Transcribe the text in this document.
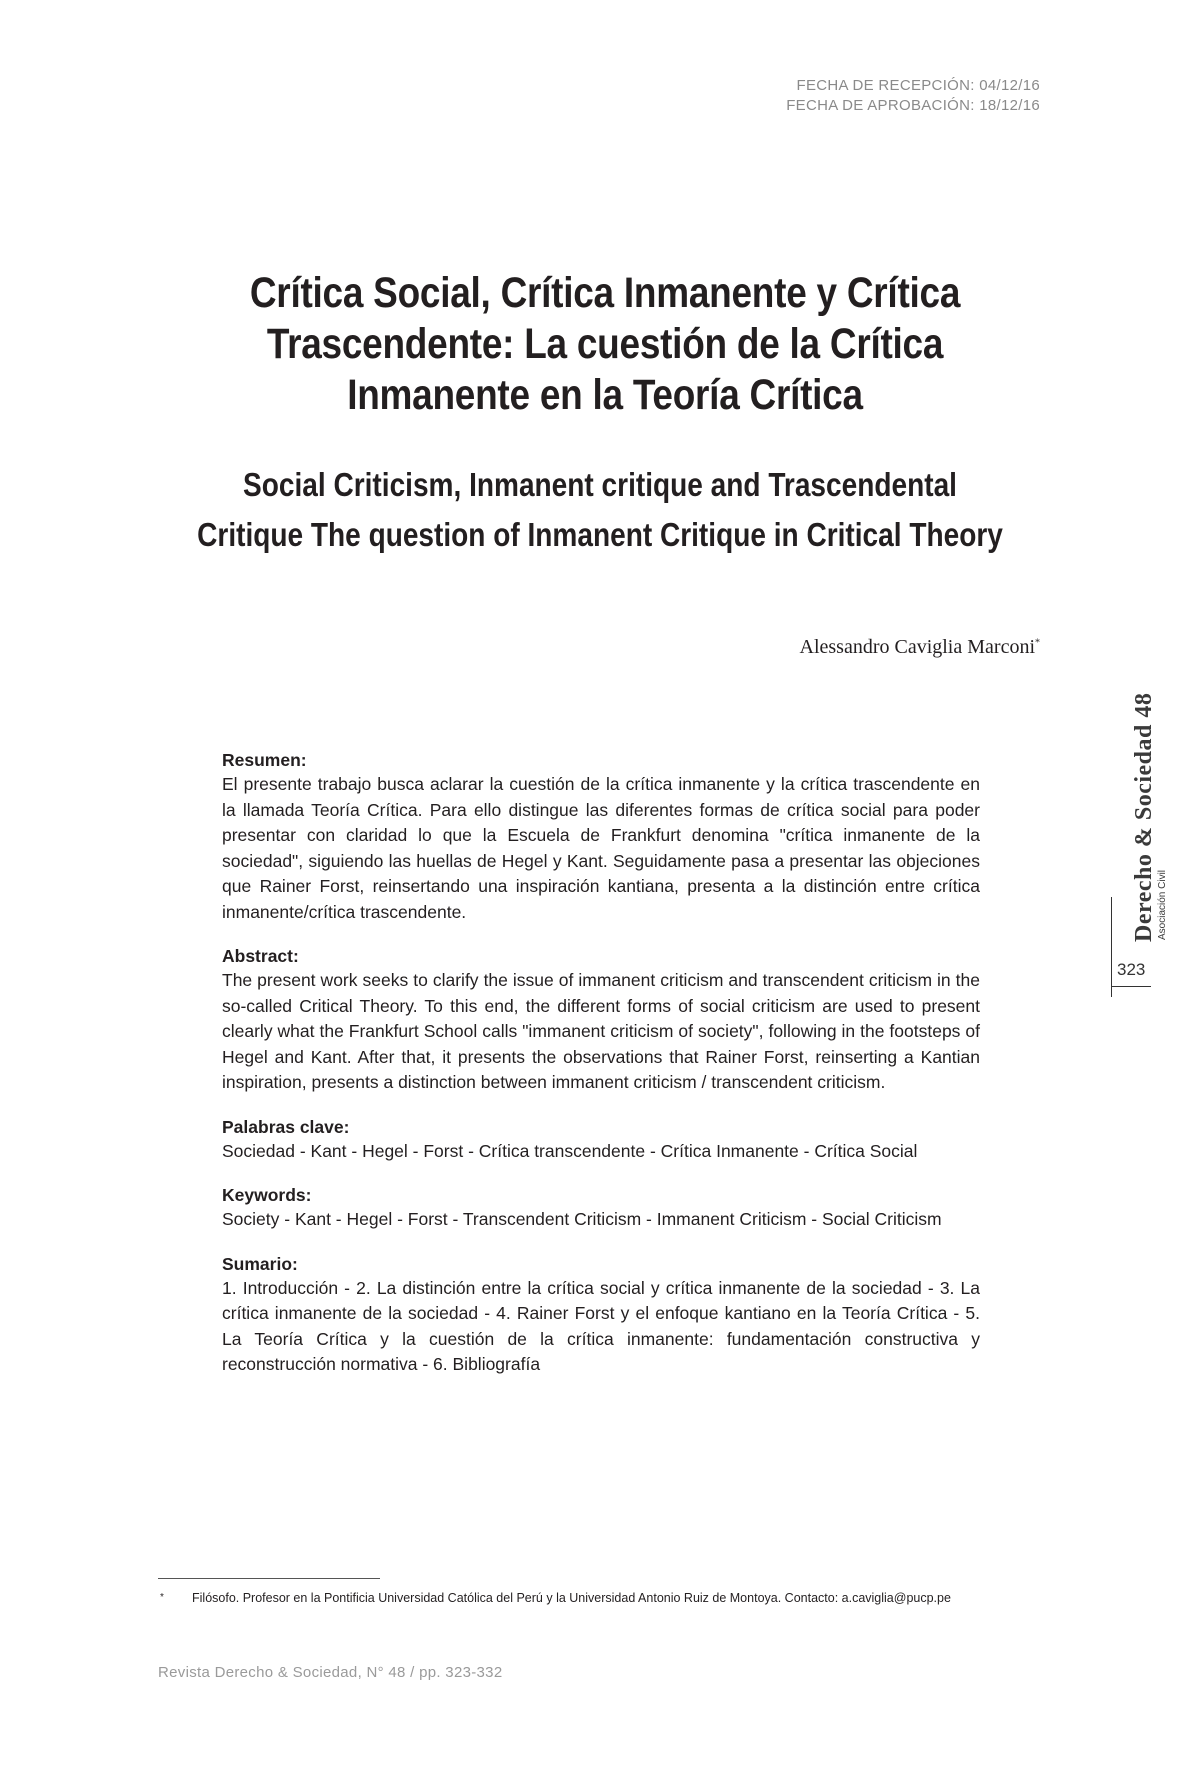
FECHA DE RECEPCIÓN: 04/12/16
FECHA DE APROBACIÓN: 18/12/16
Crítica Social, Crítica Inmanente y Crítica Trascendente: La cuestión de la Crítica Inmanente en la Teoría Crítica
Social Criticism, Inmanent critique and Trascendental Critique The question of Inmanent Critique in Critical Theory
Alessandro Caviglia Marconi*
Derecho & Sociedad 48 Asociación Civil
323
Resumen:

El presente trabajo busca aclarar la cuestión de la crítica inmanente y la crítica trascendente en la llamada Teoría Crítica. Para ello distingue las diferentes formas de crítica social para poder presentar con claridad lo que la Escuela de Frankfurt denomina "crítica inmanente de la sociedad", siguiendo las huellas de Hegel y Kant. Seguidamente pasa a presentar las objeciones que Rainer Forst, reinsertando una inspiración kantiana, presenta a la distinción entre crítica inmanente/crítica trascendente.

Abstract:

The present work seeks to clarify the issue of immanent criticism and transcendent criticism in the so-called Critical Theory. To this end, the different forms of social criticism are used to present clearly what the Frankfurt School calls "immanent criticism of society", following in the footsteps of Hegel and Kant. After that, it presents the observations that Rainer Forst, reinserting a Kantian inspiration, presents a distinction between immanent criticism / transcendent criticism.

Palabras clave:

Sociedad - Kant - Hegel - Forst - Crítica transcendente - Crítica Inmanente - Crítica Social

Keywords:

Society - Kant - Hegel - Forst - Transcendent Criticism - Immanent Criticism - Social Criticism

Sumario:

1. Introducción - 2. La distinción entre la crítica social y crítica inmanente de la sociedad - 3. La crítica inmanente de la sociedad - 4. Rainer Forst y el enfoque kantiano en la Teoría Crítica - 5. La Teoría Crítica y la cuestión de la crítica inmanente: fundamentación constructiva y reconstrucción normativa - 6. Bibliografía

* Filósofo. Profesor en la Pontificia Universidad Católica del Perú y la Universidad Antonio Ruiz de Montoya. Contacto: a.caviglia@pucp.pe
Revista Derecho & Sociedad, N° 48 / pp. 323-332
